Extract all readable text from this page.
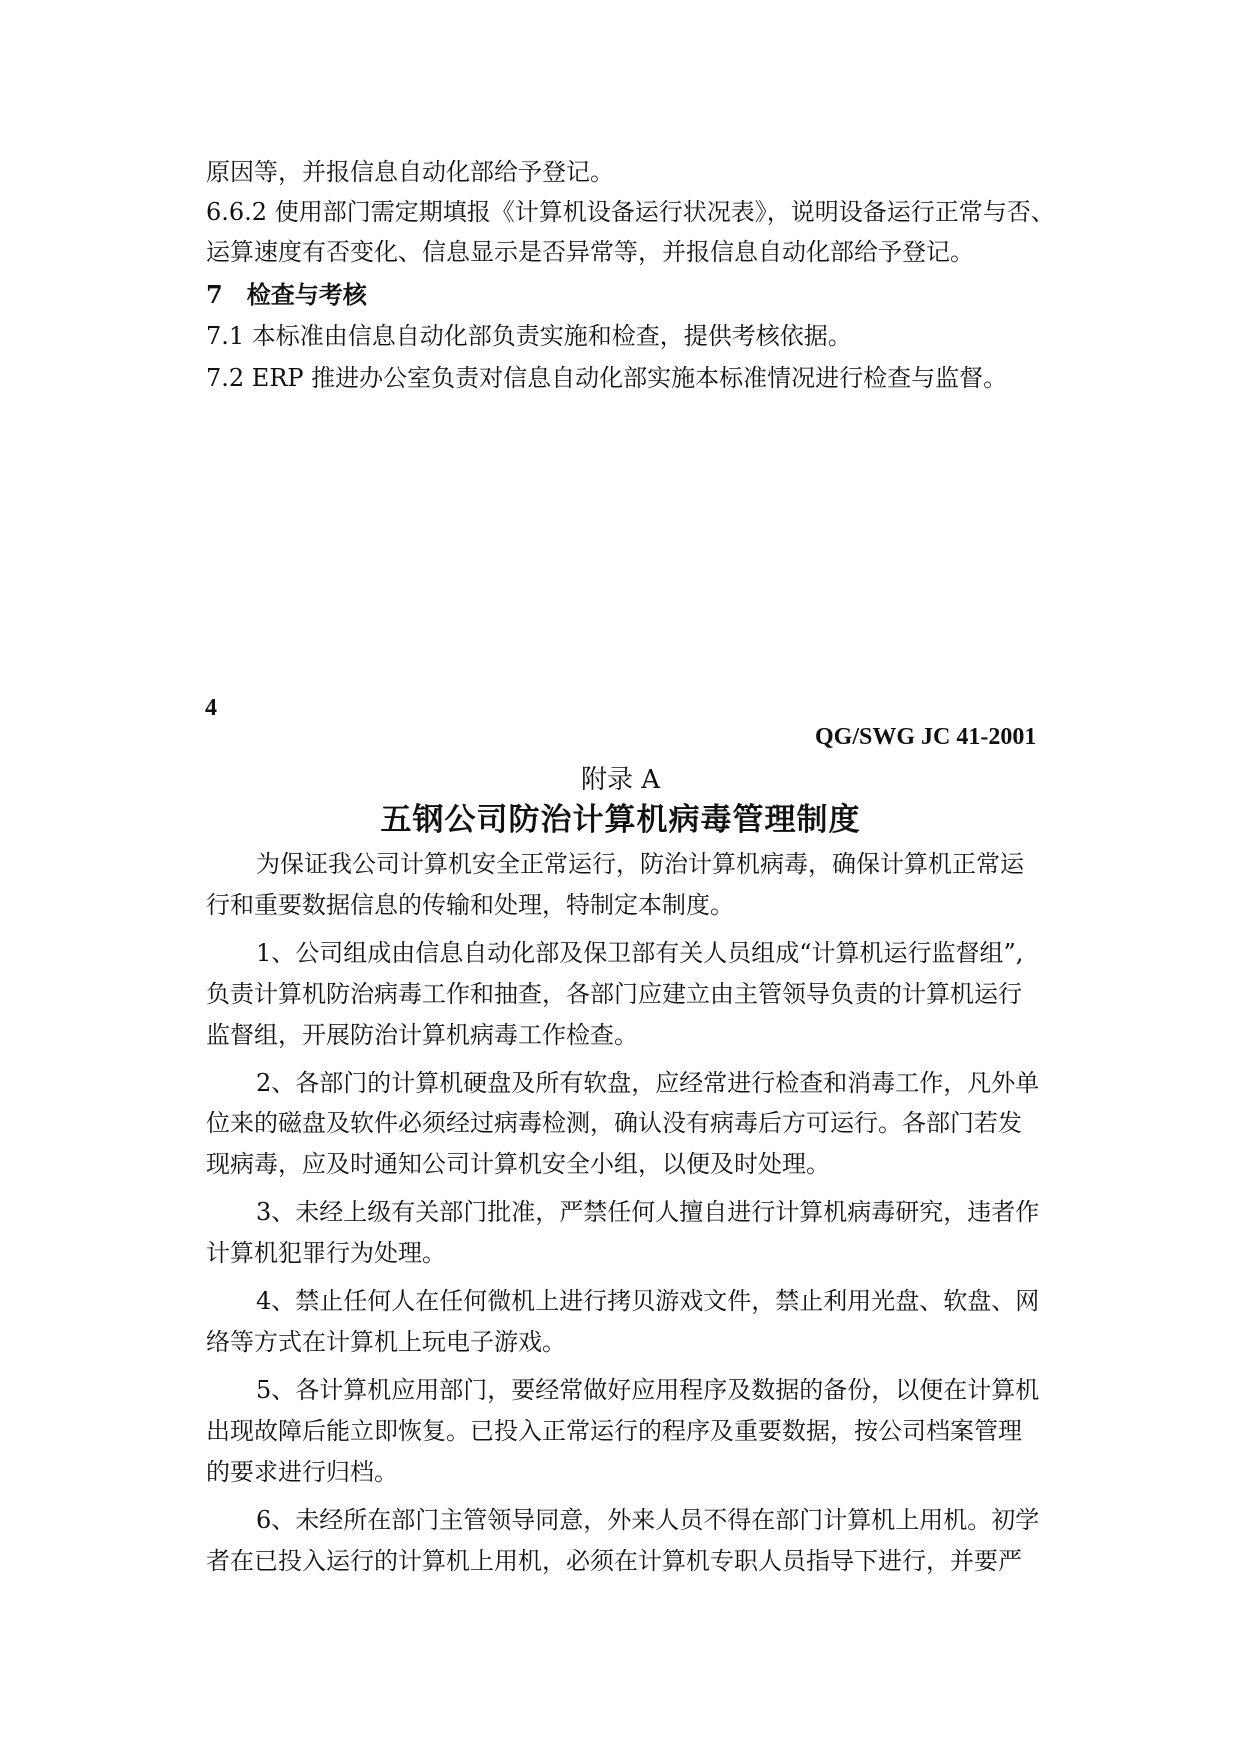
原因等，并报信息自动化部给予登记。
6.6.2 使用部门需定期填报《计算机设备运行状况表》，说明设备运行正常与否、
运算速度有否变化、信息显示是否异常等，并报信息自动化部给予登记。
7　检查与考核
7.1 本标准由信息自动化部负责实施和检查，提供考核依据。
7.2 ERP 推进办公室负责对信息自动化部实施本标准情况进行检查与监督。
4
QG/SWG JC 41-2001
附录 A
五钢公司防治计算机病毒管理制度
为保证我公司计算机安全正常运行，防治计算机病毒，确保计算机正常运
行和重要数据信息的传输和处理，特制定本制度。
1、公司组成由信息自动化部及保卫部有关人员组成“计算机运行监督组”,
负责计算机防治病毒工作和抽查，各部门应建立由主管领导负责的计算机运行
监督组，开展防治计算机病毒工作检查。
2、各部门的计算机硬盘及所有软盘，应经常进行检查和消毒工作，凡外单
位来的磁盘及软件必须经过病毒检测，确认没有病毒后方可运行。各部门若发
现病毒，应及时通知公司计算机安全小组，以便及时处理。
3、未经上级有关部门批准，严禁任何人擅自进行计算机病毒研究，违者作
计算机犯罪行为处理。
4、禁止任何人在任何微机上进行拷贝游戏文件，禁止利用光盘、软盘、网
络等方式在计算机上玩电子游戏。
5、各计算机应用部门，要经常做好应用程序及数据的备份，以便在计算机
出现故障后能立即恢复。已投入正常运行的程序及重要数据，按公司档案管理
的要求进行归档。
6、未经所在部门主管领导同意，外来人员不得在部门计算机上用机。初学
者在已投入运行的计算机上用机，必须在计算机专职人员指导下进行，并要严
